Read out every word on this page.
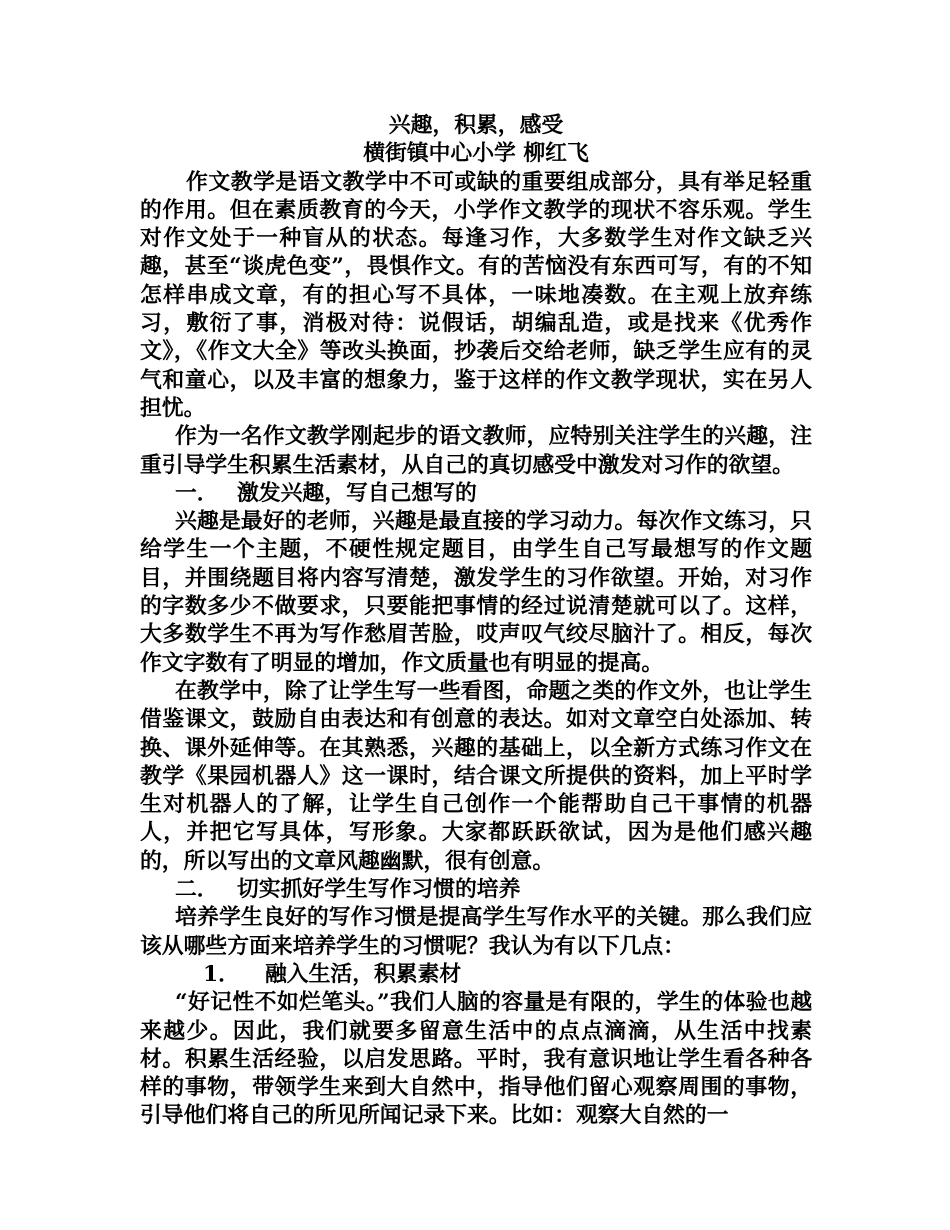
兴趣，积累，感受

横街镇中心小学 柳红飞

作文教学是语文教学中不可或缺的重要组成部分，具有举足轻重的作用。但在素质教育的今天，小学作文教学的现状不容乐观。学生对作文处于一种盲从的状态。每逢习作，大多数学生对作文缺乏兴趣，甚至“谈虎色变”，畏惧作文。有的苦恼没有东西可写，有的不知怎样串成文章，有的担心写不具体，一味地凑数。在主观上放弃练习，敷衍了事，消极对待：说假话，胡编乱造，或是找来《优秀作文》，《作文大全》等改头换面，抄袭后交给老师，缺乏学生应有的灵气和童心，以及丰富的想象力，鉴于这样的作文教学现状，实在另人担忧。

作为一名作文教学刚起步的语文教师，应特别关注学生的兴趣，注重引导学生积累生活素材，从自己的真切感受中激发对习作的欲望。

一． 激发兴趣，写自己想写的

兴趣是最好的老师，兴趣是最直接的学习动力。每次作文练习，只给学生一个主题，不硬性规定题目，由学生自己写最想写的作文题目，并围绕题目将内容写清楚，激发学生的习作欲望。开始，对习作的字数多少不做要求，只要能把事情的经过说清楚就可以了。这样，大多数学生不再为写作愁眉苦脸，哎声叹气绞尽脑汁了。相反，每次作文字数有了明显的增加，作文质量也有明显的提高。

在教学中，除了让学生写一些看图，命题之类的作文外，也让学生借鉴课文，鼓励自由表达和有创意的表达。如对文章空白处添加、转换、课外延伸等。在其熟悉，兴趣的基础上，以全新方式练习作文在教学《果园机器人》这一课时，结合课文所提供的资料，加上平时学生对机器人的了解，让学生自己创作一个能帮助自己干事情的机器人，并把它写具体，写形象。大家都跃跃欲试，因为是他们感兴趣的，所以写出的文章风趣幽默，很有创意。

二． 切实抓好学生写作习惯的培养

培养学生良好的写作习惯是提高学生写作水平的关键。那么我们应该从哪些方面来培养学生的习惯呢？我认为有以下几点：

1． 融入生活，积累素材

“好记性不如烂笔头。”我们人脑的容量是有限的，学生的体验也越来越少。因此，我们就要多留意生活中的点点滴滴，从生活中找素材。积累生活经验，以启发思路。平时，我有意识地让学生看各种各样的事物，带领学生来到大自然中，指导他们留心观察周围的事物，引导他们将自己的所见所闻记录下来。比如：观察大自然的一
